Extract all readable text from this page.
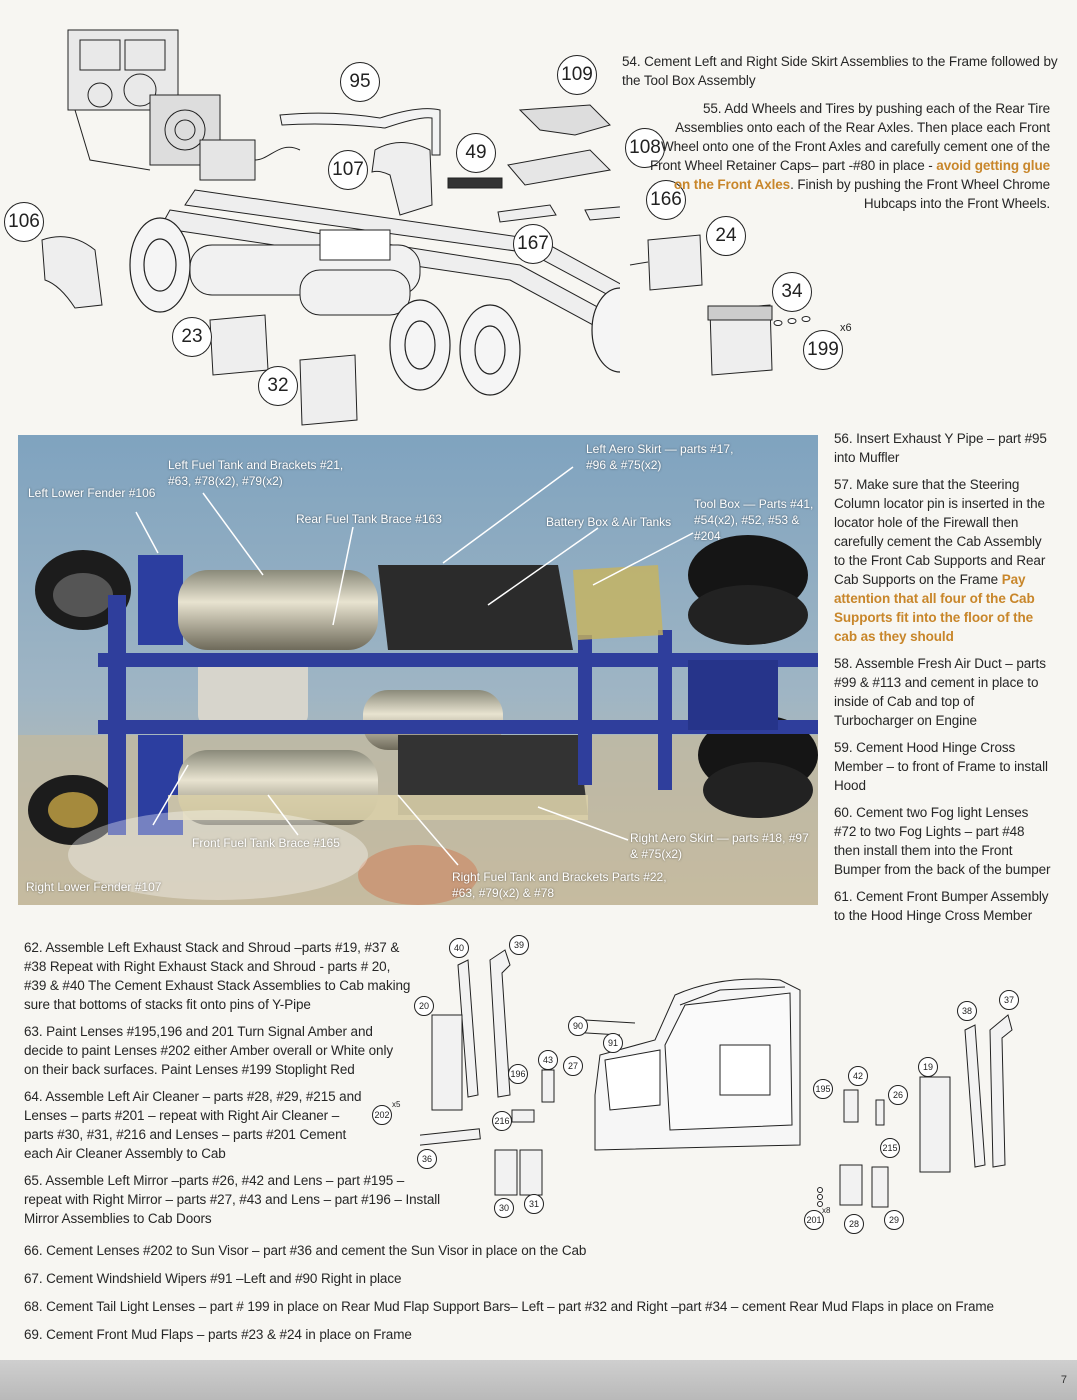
95	109
108
49
107
166
106
167	24
34
23
32
199
x6

54. Cement Left and Right Side Skirt Assemblies to the Frame followed by the Tool Box Assembly

55. Add Wheels and Tires by pushing each of the Rear Tire Assemblies onto each of the Rear Axles. Then place each Front Wheel onto one of the Front Axles and carefully cement one of the Front Wheel Retainer Caps– part -#80 in place - avoid getting glue on the Front Axles. Finish by pushing the Front Wheel Chrome Hubcaps into the Front Wheels.

Left Lower Fender #106
Left Fuel Tank and Brackets #21, #63, #78(x2), #79(x2)
Rear Fuel Tank Brace #163
Left Aero Skirt — parts #17, #96 & #75(x2)
Battery Box & Air Tanks
Tool Box — Parts #41, #54(x2), #52, #53 & #204
Front Fuel Tank Brace #165	Right Aero Skirt — parts #18, #97 & #75(x2)
Right Fuel Tank and Brackets Parts #22, #63, #79(x2) & #78
Right Lower Fender #107

56. Insert Exhaust Y Pipe – part #95 into Muffler

57. Make sure that the Steering Column locator pin is inserted in the locator hole of the Firewall then carefully cement the Cab Assembly to the Front Cab Supports and Rear Cab Supports on the Frame Pay attention that all four of the Cab Supports fit into the floor of the cab as they should

58. Assemble Fresh Air Duct – parts #99 & #113 and cement in place to inside of Cab and top of Turbocharger on Engine

59. Cement Hood Hinge Cross Member – to front of Frame to install Hood

60. Cement two Fog light Lenses #72 to two Fog Lights – part #48 then install them into the Front Bumper from the back of the bumper

61. Cement Front Bumper Assembly to the Hood Hinge Cross Member

62. Assemble Left Exhaust Stack and Shroud –parts #19, #37 & #38 Repeat with Right Exhaust Stack and Shroud - parts # 20, #39 & #40 The Cement Exhaust Stack Assemblies to Cab making sure that bottoms of stacks fit onto pins of Y-Pipe

63. Paint Lenses #195,196 and 201 Turn Signal Amber and decide to paint Lenses #202 either Amber overall or White only on their back surfaces. Paint Lenses #199 Stoplight Red

64. Assemble Left Air Cleaner – parts #28, #29, #215 and Lenses – parts #201 – repeat with Right Air Cleaner – parts #30, #31, #216 and Lenses – parts #201 Cement each Air Cleaner Assembly to Cab

65. Assemble Left Mirror –parts #26, #42 and Lens – part #195 – repeat with Right Mirror – parts #27, #43 and Lens – part #196 – Install Mirror Assemblies to Cab Doors

40	39
20
90
91
43
27
196
216
202
x5
36
30	31
195
42
26
19
38
37
215
201
x8
28	29

66. Cement Lenses #202 to Sun Visor – part #36 and cement the Sun Visor in place on the Cab

67. Cement Windshield Wipers #91 –Left and #90 Right in place

68. Cement Tail Light Lenses – part # 199 in place on Rear Mud Flap Support Bars– Left – part #32 and Right –part #34 – cement Rear Mud Flaps in place on Frame

69. Cement Front Mud Flaps – parts #23 & #24 in place on Frame

7
